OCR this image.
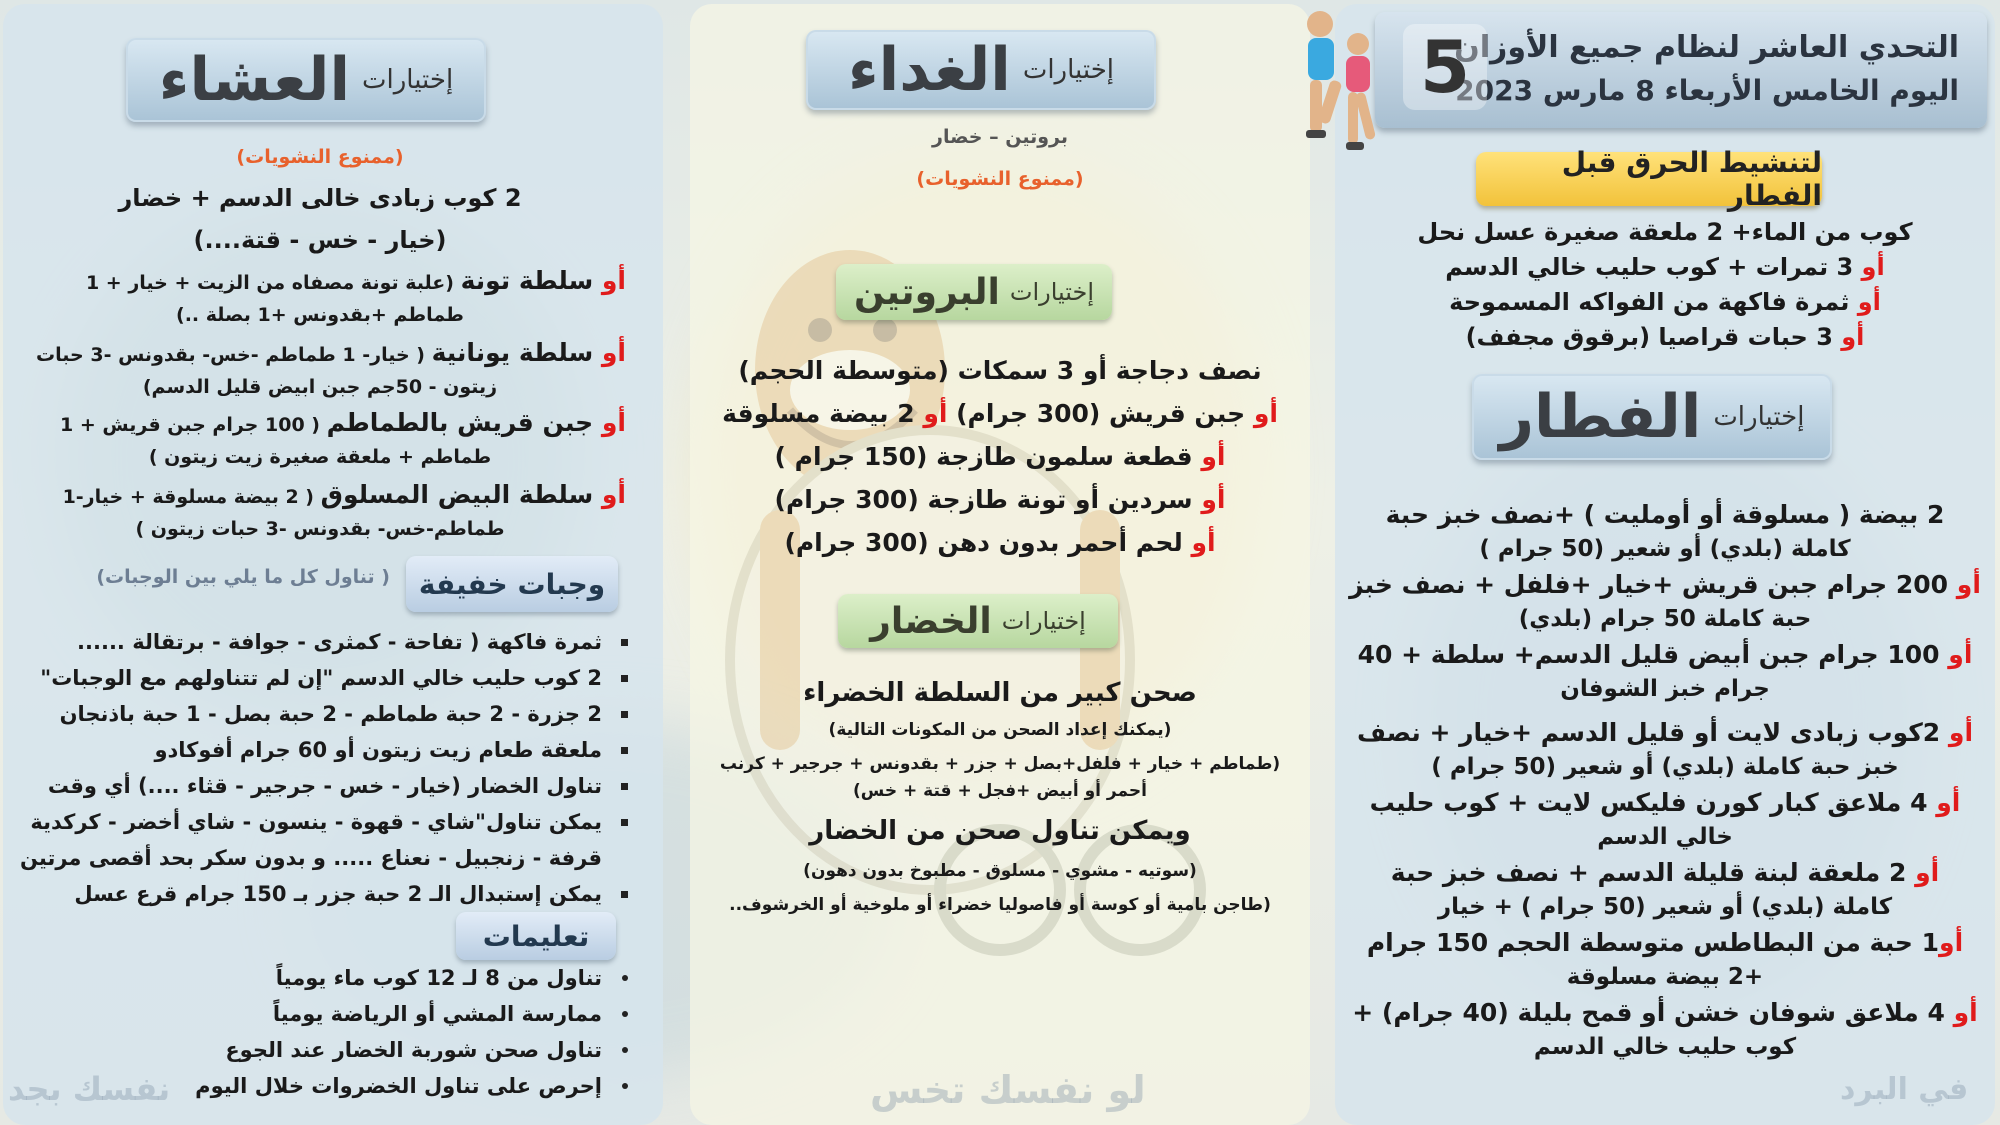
التحدي العاشر لنظام جميع الأوزان
اليوم الخامس الأربعاء 8 مارس 2023
5
لتنشيط الحرق قبل الفطار
كوب من الماء+ 2 ملعقة صغيرة عسل نحل
أو 3 تمرات + كوب حليب خالي الدسم
أو ثمرة فاكهة من الفواكه المسموحة
أو 3 حبات قراصيا (برقوق مجفف)
إختيارات
الفطار
2 بيضة ( مسلوقة أو أومليت ) +نصف خبز حبة
كاملة (بلدي) أو شعير (50 جرام )
أو 200 جرام جبن قريش +خيار +فلفل + نصف خبز
حبة كاملة 50 جرام (بلدي)
أو 100 جرام جبن أبيض قليل الدسم+ سلطة + 40
جرام خبز الشوفان
أو 2كوب زبادى لايت أو قليل الدسم +خيار + نصف
خبز حبة كاملة (بلدي) أو شعير (50 جرام )
أو 4 ملاعق كبار كورن فليكس لايت + كوب حليب
خالي الدسم
أو 2 ملعقة لبنة قليلة الدسم + نصف خبز حبة
كاملة (بلدي) أو شعير (50 جرام ) + خيار
أو1 حبة من البطاطس متوسطة الحجم 150 جرام
+2 بيضة مسلوقة
أو 4 ملاعق شوفان خشن أو قمح بليلة (40 جرام) +
كوب حليب خالي الدسم
إختيارات
الغداء
بروتين – خضار
(ممنوع النشويات)
إختيارات
البروتين
نصف دجاجة أو 3 سمكات (متوسطة الحجم)
أو جبن قريش (300 جرام) أو 2 بيضة مسلوقة
أو قطعة سلمون طازجة (150 جرام )
أو سردين أو تونة طازجة (300 جرام)
أو لحم أحمر بدون دهن (300 جرام)
إختيارات
الخضار
صحن كبير من السلطة الخضراء
(يمكنك إعداد الصحن من المكونات التالية)
(طماطم + خيار + فلفل+بصل + جزر + بقدونس + جرجير + كرنب
أحمر أو أبيض +فجل + قتة + خس)
ويمكن تناول صحن من الخضار
(سوتيه - مشوي - مسلوق - مطبوخ بدون دهون)
(طاجن بامية أو كوسة أو فاصوليا خضراء أو ملوخية أو الخرشوف..
لو نفسك تخس	في البرد
إختيارات
العشاء
(ممنوع النشويات)
2 كوب زبادى خالى الدسم + خضار
(خيار - خس - قتة....)
أو سلطة تونة (علبة تونة مصفاه من الزيت + خيار + 1
طماطم +بقدونس +1 بصلة ..)
أو سلطة يونانية ( خيار- 1 طماطم -خس- بقدونس -3 حبات
زيتون - 50جم جبن ابيض قليل الدسم)
أو جبن قريش بالطماطم ( 100 جرام جبن قريش + 1
طماطم + ملعقة صغيرة زيت زيتون )
أو سلطة البيض المسلوق ( 2 بيضة مسلوقة + خيار-1
طماطم-خس- بقدونس -3 حبات زيتون )
وجبات خفيفة
( تناول كل ما يلي بين الوجبات)
ثمرة فاكهة ( تفاحة - كمثرى - جوافة - برتقالة ......
2 كوب حليب خالي الدسم "إن لم تتناولهم مع الوجبات"
2 جزرة - 2 حبة طماطم - 2 حبة بصل - 1 حبة باذنجان
ملعقة طعام زيت زيتون أو 60 جرام أفوكادو
تناول الخضار (خيار - خس - جرجير - قثاء ....) أي وقت
يمكن تناول"شاي - قهوة - ينسون - شاي أخضر - كركدية
قرفة - زنجبيل - نعناع ..... و بدون سكر بحد أقصى مرتين
يمكن إستبدال الـ 2 حبة جزر بـ 150 جرام قرع عسل
تعليمات
تناول من 8 لـ 12 كوب ماء يومياً
ممارسة المشي أو الرياضة يومياً
تناول صحن شوربة الخضار عند الجوع
إحرص على تناول الخضروات خلال اليوم
نفسك بجد
